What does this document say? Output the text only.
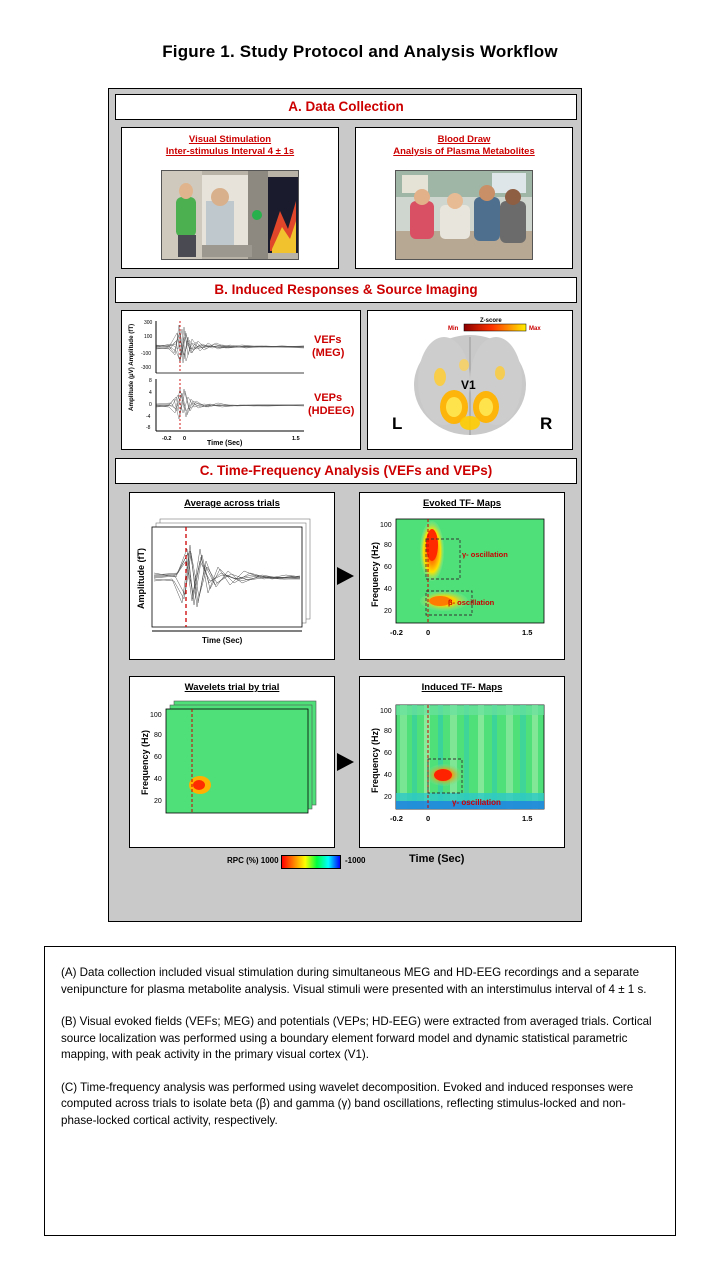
Figure 1. Study Protocol and Analysis Workflow
A. Data Collection
Visual Stimulation
Inter-stimulus Interval 4 ± 1s
Blood Draw
Analysis of Plasma Metabolites
B. Induced Responses & Source Imaging
Amplitude (µV) Amplitude (fT)
300
100
-100
-300
8
4
0
-4
-8
-0.2 0	1.5
Time (Sec)
VEFs
(MEG)
VEPs
(HDEEG)
Z-score
Min	Max
V1
L	R
C. Time-Frequency Analysis (VEFs and VEPs)
Average across trials
Amplitude (fT)
Time (Sec)
Evoked TF- Maps
γ- oscillation
β- oscillation
Frequency (Hz)
100
80
60
40
20
-0.2	0	1.5
Wavelets trial by trial
Frequency (Hz)
100
80
60
40
20
Induced TF- Maps
γ- oscillation
Frequency (Hz)
100
80
60
40
20
-0.2	0	1.5
RPC (%) 1000	-1000	Time (Sec)

(A) Data collection included visual stimulation during simultaneous MEG and HD-EEG recordings and a separate venipuncture for plasma metabolite analysis. Visual stimuli were presented with an interstimulus interval of 4 ± 1 s.

(B) Visual evoked fields (VEFs; MEG) and potentials (VEPs; HD-EEG) were extracted from averaged trials. Cortical source localization was performed using a boundary element forward model and dynamic statistical parametric mapping, with peak activity in the primary visual cortex (V1).

(C) Time-frequency analysis was performed using wavelet decomposition. Evoked and induced responses were computed across trials to isolate beta (β) and gamma (γ) band oscillations, reflecting stimulus-locked and non-phase-locked cortical activity, respectively.
